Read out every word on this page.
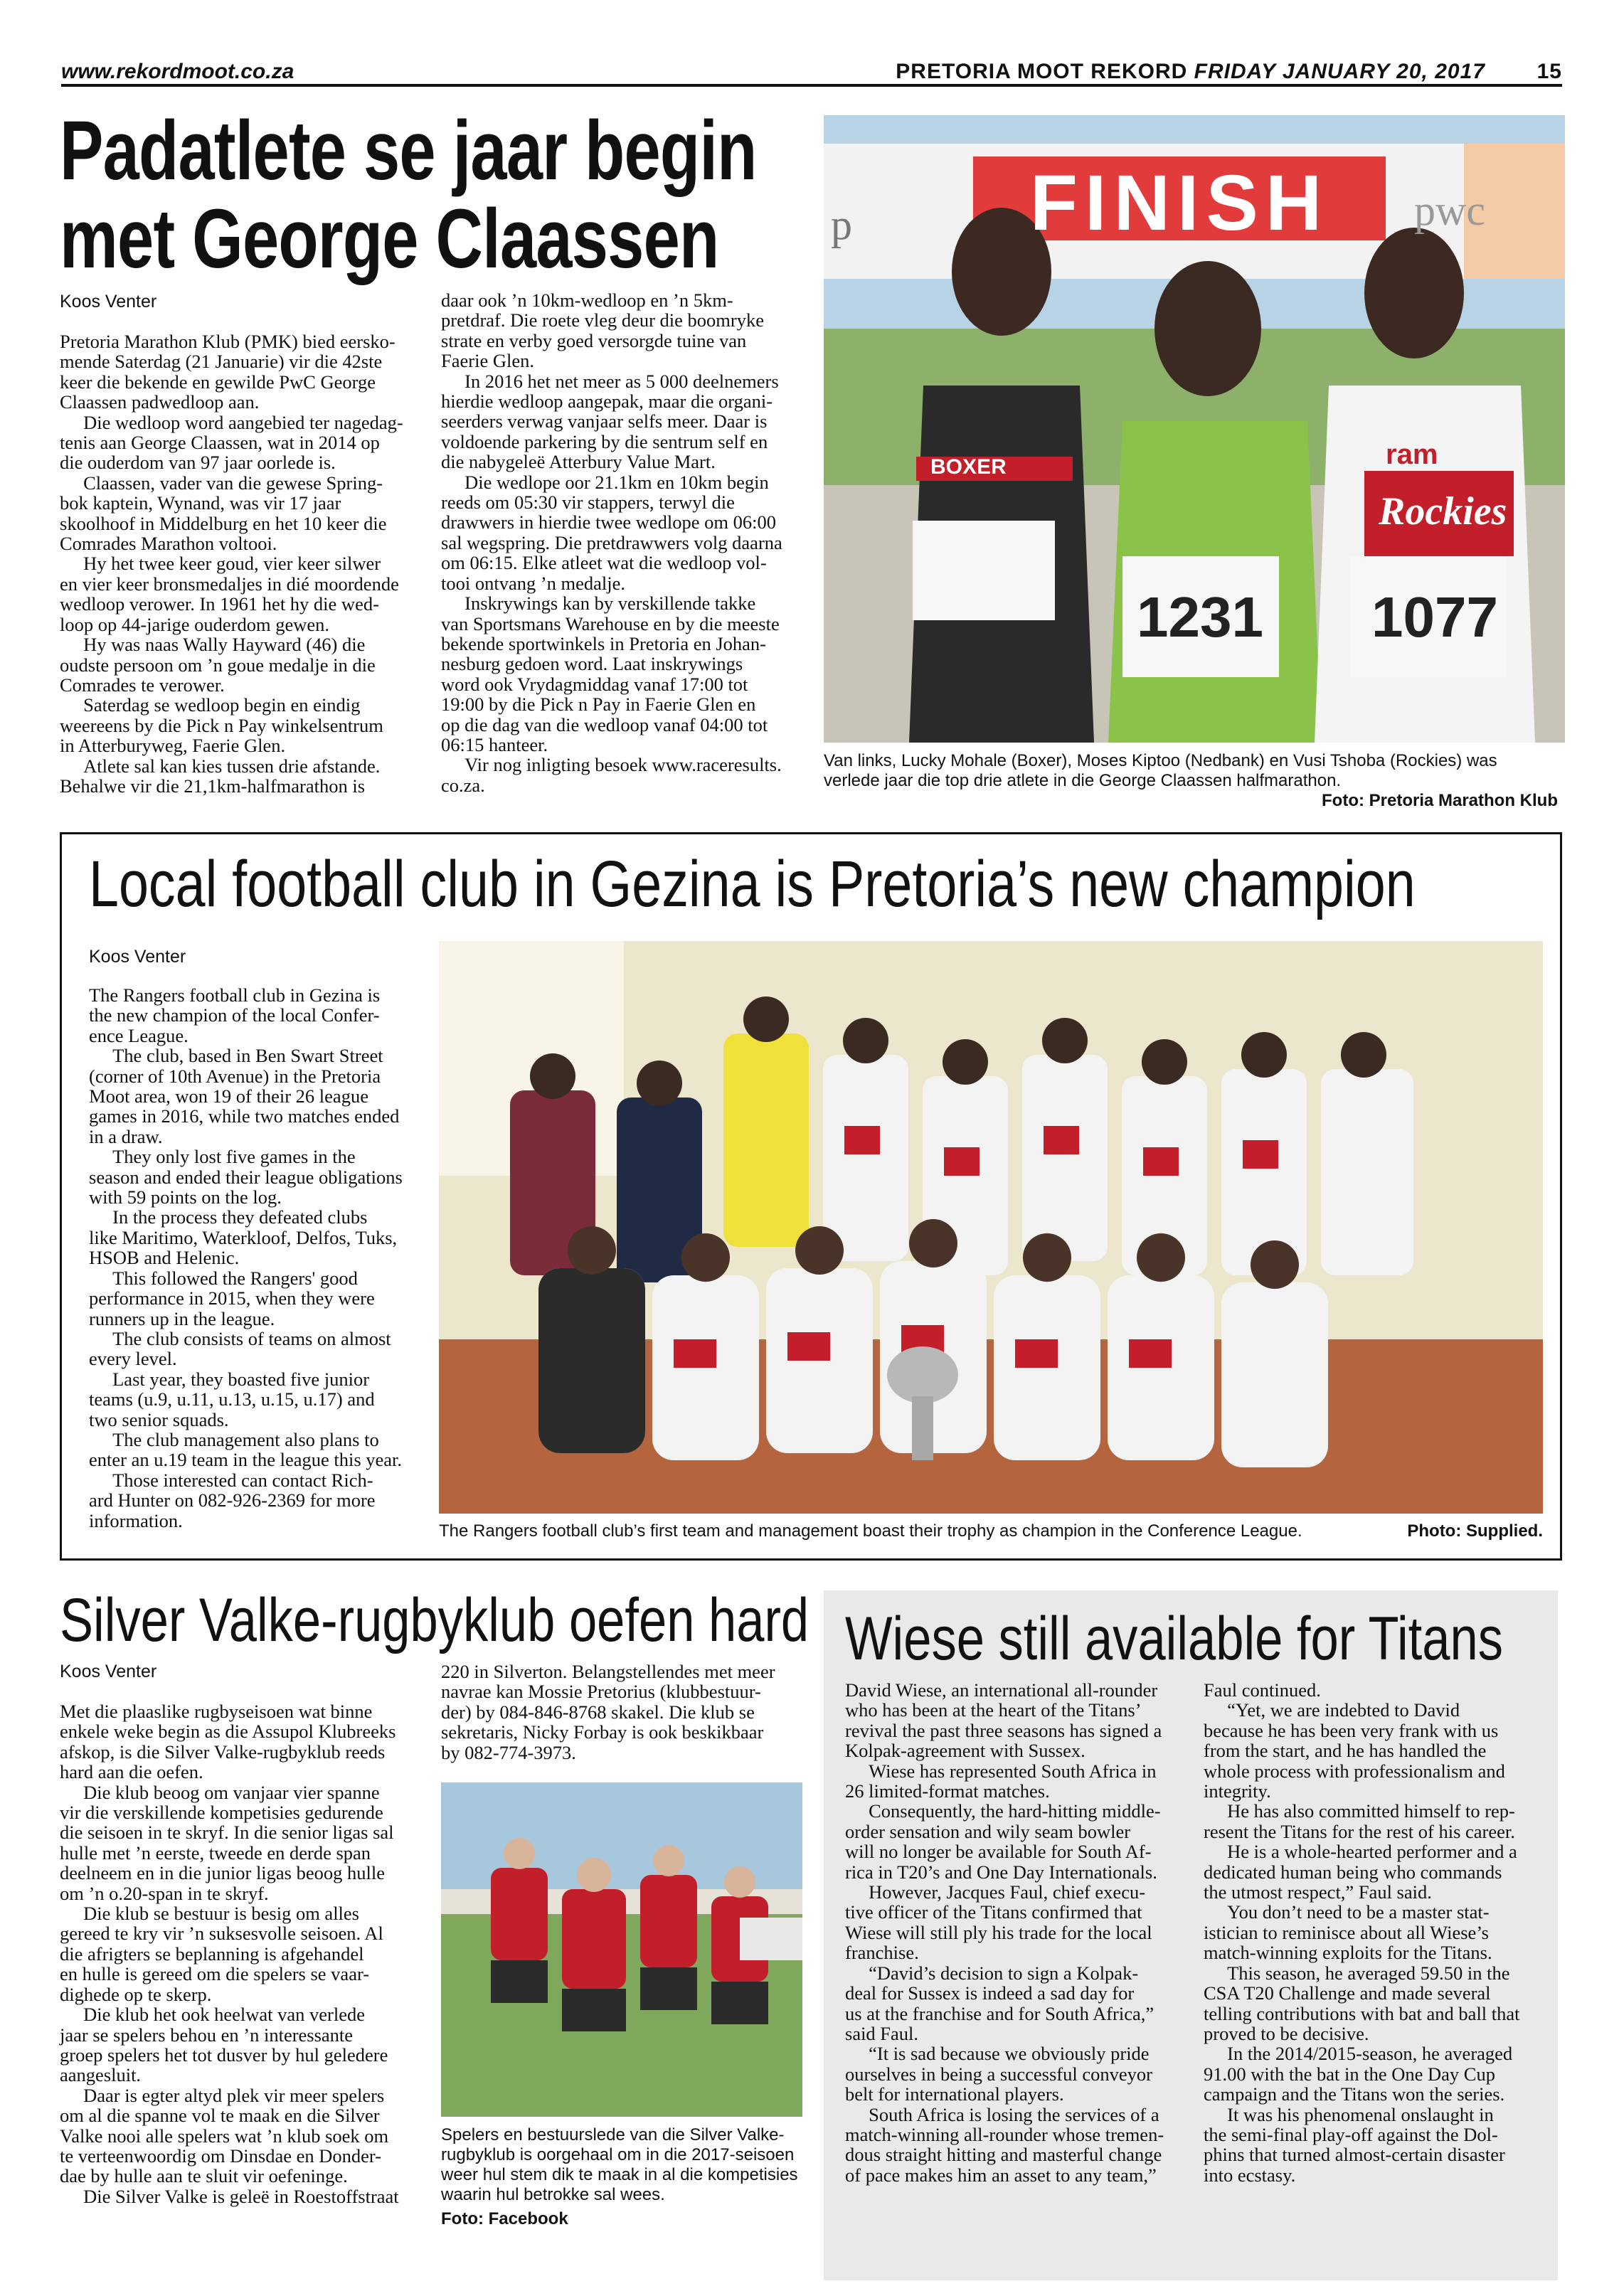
www.rekordmoot.co.za	PRETORIA MOOT REKORD FRIDAY JANUARY 20, 2017 15
Padatlete se jaar begin
met George Claassen
Koos Venter
Pretoria Marathon Klub (PMK) bied eersko-
mende Saterdag (21 Januarie) vir die 42ste
keer die bekende en gewilde PwC George
Claassen padwedloop aan.
Die wedloop word aangebied ter nagedag-
tenis aan George Claassen, wat in 2014 op
die ouderdom van 97 jaar oorlede is.
Claassen, vader van die gewese Spring-
bok kaptein, Wynand, was vir 17 jaar
skoolhoof in Middelburg en het 10 keer die
Comrades Marathon voltooi.
Hy het twee keer goud, vier keer silwer
en vier keer bronsmedaljes in dié moordende
wedloop verower. In 1961 het hy die wed-
loop op 44-jarige ouderdom gewen.
Hy was naas Wally Hayward (46) die
oudste persoon om ’n goue medalje in die
Comrades te verower.
Saterdag se wedloop begin en eindig
weereens by die Pick n Pay winkelsentrum
in Atterburyweg, Faerie Glen.
Atlete sal kan kies tussen drie afstande.
Behalwe vir die 21,1km-halfmarathon is
daar ook ’n 10km-wedloop en ’n 5km-
pretdraf. Die roete vleg deur die boomryke
strate en verby goed versorgde tuine van
Faerie Glen.
In 2016 het net meer as 5 000 deelnemers
hierdie wedloop aangepak, maar die organi-
seerders verwag vanjaar selfs meer. Daar is
voldoende parkering by die sentrum self en
die nabygeleë Atterbury Value Mart.
Die wedlope oor 21.1km en 10km begin
reeds om 05:30 vir stappers, terwyl die
drawwers in hierdie twee wedlope om 06:00
sal wegspring. Die pretdrawwers volg daarna
om 06:15. Elke atleet wat die wedloop vol-
tooi ontvang ’n medalje.
Inskrywings kan by verskillende takke
van Sportsmans Warehouse en by die meeste
bekende sportwinkels in Pretoria en Johan-
nesburg gedoen word. Laat inskrywings
word ook Vrydagmiddag vanaf 17:00 tot
19:00 by die Pick n Pay in Faerie Glen en
op die dag van die wedloop vanaf 04:00 tot
06:15 hanteer.
Vir nog inligting besoek www.raceresults.
co.za.
FINISH
p	pwc
BOXER	ram
Rockies
1231 1077
Van links, Lucky Mohale (Boxer), Moses Kiptoo (Nedbank) en Vusi Tshoba (Rockies) was verlede jaar die top drie atlete in die George Claassen halfmarathon.
Foto: Pretoria Marathon Klub
Local football club in Gezina is Pretoria’s new champion
Koos Venter
The Rangers football club in Gezina is
the new champion of the local Confer-
ence League.
The club, based in Ben Swart Street
(corner of 10th Avenue) in the Pretoria
Moot area, won 19 of their 26 league
games in 2016, while two matches ended
in a draw.
They only lost five games in the
season and ended their league obligations
with 59 points on the log.
In the process they defeated clubs
like Maritimo, Waterkloof, Delfos, Tuks,
HSOB and Helenic.
This followed the Rangers' good
performance in 2015, when they were
runners up in the league.
The club consists of teams on almost
every level.
Last year, they boasted five junior
teams (u.9, u.11, u.13, u.15, u.17) and
two senior squads.
The club management also plans to
enter an u.19 team in the league this year.
Those interested can contact Rich-
ard Hunter on 082-926-2369 for more
information.	The Rangers football club’s first team and management boast their trophy as champion in the Conference League.	Photo: Supplied.
Silver Valke-rugbyklub oefen hard
Koos Venter
Met die plaaslike rugbyseisoen wat binne
enkele weke begin as die Assupol Klubreeks
afskop, is die Silver Valke-rugbyklub reeds
hard aan die oefen.
Die klub beoog om vanjaar vier spanne
vir die verskillende kompetisies gedurende
die seisoen in te skryf. In die senior ligas sal
hulle met ’n eerste, tweede en derde span
deelneem en in die junior ligas beoog hulle
om ’n o.20-span in te skryf.
Die klub se bestuur is besig om alles
gereed te kry vir ’n suksesvolle seisoen. Al
die afrigters se beplanning is afgehandel
en hulle is gereed om die spelers se vaar-
dighede op te skerp.
Die klub het ook heelwat van verlede
jaar se spelers behou en ’n interessante
groep spelers het tot dusver by hul geledere
aangesluit.
Daar is egter altyd plek vir meer spelers
om al die spanne vol te maak en die Silver
Valke nooi alle spelers wat ’n klub soek om
te verteenwoordig om Dinsdae en Donder-
dae by hulle aan te sluit vir oefeninge.
Die Silver Valke is geleë in Roestoffstraat
220 in Silverton. Belangstellendes met meer
navrae kan Mossie Pretorius (klubbestuur-
der) by 084-846-8768 skakel. Die klub se
sekretaris, Nicky Forbay is ook beskikbaar
by 082-774-3973.
Spelers en bestuurslede van die Silver Valke-rugbyklub is oorgehaal om in die 2017-seisoen weer hul stem dik te maak in al die kompetisies waarin hul betrokke sal wees.
Foto: Facebook
Wiese still available for Titans
David Wiese, an international all-rounder
who has been at the heart of the Titans’
revival the past three seasons has signed a
Kolpak-agreement with Sussex.
Wiese has represented South Africa in
26 limited-format matches.
Consequently, the hard-hitting middle-
order sensation and wily seam bowler
will no longer be available for South Af-
rica in T20’s and One Day Internationals.
However, Jacques Faul, chief execu-
tive officer of the Titans confirmed that
Wiese will still ply his trade for the local
franchise.
“David’s decision to sign a Kolpak-
deal for Sussex is indeed a sad day for
us at the franchise and for South Africa,”
said Faul.
“It is sad because we obviously pride
ourselves in being a successful conveyor
belt for international players.
South Africa is losing the services of a
match-winning all-rounder whose tremen-
dous straight hitting and masterful change
of pace makes him an asset to any team,”
Faul continued.
“Yet, we are indebted to David
because he has been very frank with us
from the start, and he has handled the
whole process with professionalism and
integrity.
He has also committed himself to rep-
resent the Titans for the rest of his career.
He is a whole-hearted performer and a
dedicated human being who commands
the utmost respect,” Faul said.
You don’t need to be a master stat-
istician to reminisce about all Wiese’s
match-winning exploits for the Titans.
This season, he averaged 59.50 in the
CSA T20 Challenge and made several
telling contributions with bat and ball that
proved to be decisive.
In the 2014/2015-season, he averaged
91.00 with the bat in the One Day Cup
campaign and the Titans won the series.
It was his phenomenal onslaught in
the semi-final play-off against the Dol-
phins that turned almost-certain disaster
into ecstasy.
